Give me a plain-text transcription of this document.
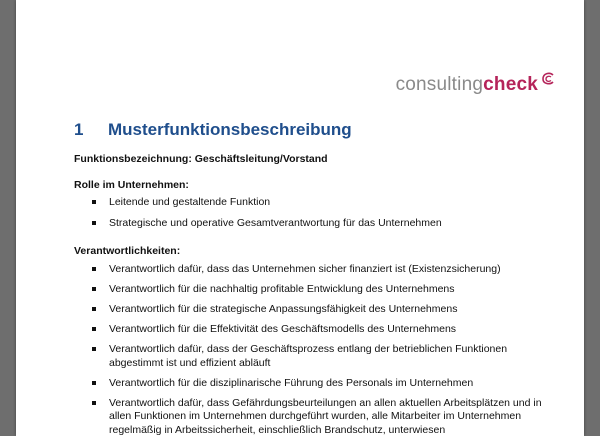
consultingcheck
1 Musterfunktionsbeschreibung
Funktionsbezeichnung: Geschäftsleitung/Vorstand
Rolle im Unternehmen:
Leitende und gestaltende Funktion
Strategische und operative Gesamtverantwortung für das Unternehmen
Verantwortlichkeiten:
Verantwortlich dafür, dass das Unternehmen sicher finanziert ist (Existenzsicherung)
Verantwortlich für die nachhaltig profitable Entwicklung des Unternehmens
Verantwortlich für die strategische Anpassungsfähigkeit des Unternehmens
Verantwortlich für die Effektivität des Geschäftsmodells des Unternehmens
Verantwortlich dafür, dass der Geschäftsprozess entlang der betrieblichen Funktionen abgestimmt ist und effizient abläuft
Verantwortlich für die disziplinarische Führung des Personals im Unternehmen
Verantwortlich dafür, dass Gefährdungsbeurteilungen an allen aktuellen Arbeitsplätzen und in allen Funktionen im Unternehmen durchgeführt wurden, alle Mitarbeiter im Unternehmen regelmäßig in Arbeitssicherheit, einschließlich Brandschutz, unterwiesen
